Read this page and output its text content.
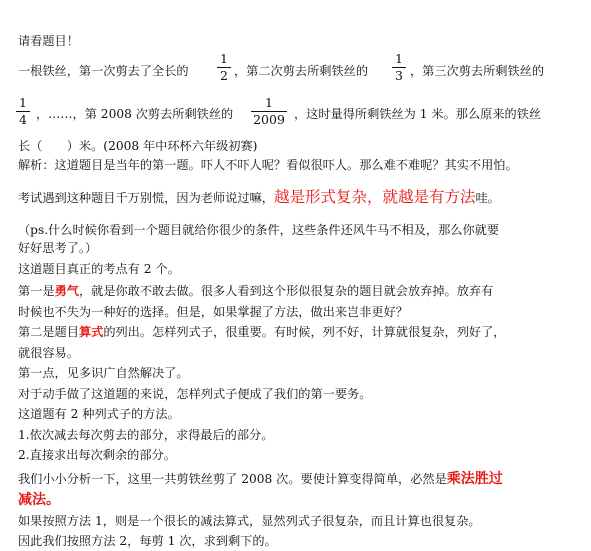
请看题目！
一根铁丝，第一次剪去了全长的
1
2 ，第二次剪去所剩铁丝的
1
3 ，第三次剪去所剩铁丝的
1
4 ，……，第 2008 次剪去所剩铁丝的
1
2009 ，这时量得所剩铁丝为 1 米。那么原来的铁丝
长（　　）米。(2008 年中环杯六年级初赛)
解析：这道题目是当年的第一题。吓人不吓人呢？看似很吓人。那么难不难呢？其实不用怕。
考试遇到这种题目千万别慌，因为老师说过嘛，越是形式复杂，就越是有方法哇。
（ps.什么时候你看到一个题目就给你很少的条件，这些条件还风牛马不相及，那么你就要
好好思考了。）
这道题目真正的考点有 2 个。
第一是勇气，就是你敢不敢去做。很多人看到这个形似很复杂的题目就会放弃掉。放弃有
时候也不失为一种好的选择。但是，如果掌握了方法，做出来岂非更好？
第二是题目算式的列出。怎样列式子，很重要。有时候，列不好，计算就很复杂，列好了，
就很容易。
第一点，见多识广自然解决了。
对于动手做了这道题的来说，怎样列式子便成了我们的第一要务。
这道题有 2 种列式子的方法。
1.依次减去每次剪去的部分，求得最后的部分。
2.直接求出每次剩余的部分。
我们小小分析一下，这里一共剪铁丝剪了 2008 次。要使计算变得简单，必然是乘法胜过
减法。
如果按照方法 1，则是一个很长的减法算式，显然列式子很复杂，而且计算也很复杂。
因此我们按照方法 2，每剪 1 次，求到剩下的。
